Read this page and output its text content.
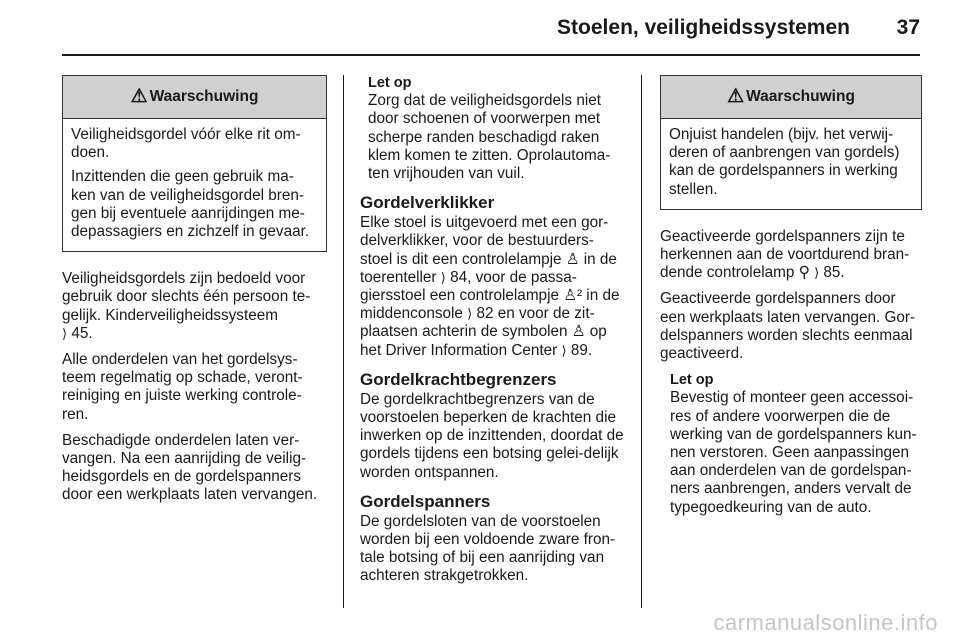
Stoelen, veiligheidssystemen 37
⚠ Waarschuwing

Veiligheidsgordel vóór elke rit om-doen.

Inzittenden die geen gebruik ma-ken van de veiligheidsgordel bren-gen bij eventuele aanrijdingen me-depassagiers en zichzelf in gevaar.

Veiligheidsgordels zijn bedoeld voor gebruik door slechts één persoon te-gelijk. Kinderveiligheidssysteem
⟩ 45.

Alle onderdelen van het gordelsys-teem regelmatig op schade, veront-reiniging en juiste werking controle-ren.

Beschadigde onderdelen laten ver-vangen. Na een aanrijding de veilig-heidsgordels en de gordelspanners door een werkplaats laten vervangen.

Let op
Zorg dat de veiligheidsgordels niet door schoenen of voorwerpen met scherpe randen beschadigd raken klem komen te zitten. Oprolautoma-ten vrijhouden van vuil.
Gordelverklikker

Elke stoel is uitgevoerd met een gor-delverklikker, voor de bestuurders-stoel is dit een controlelampje ♙ in de toerenteller ⟩ 84, voor de passa-giersstoel een controlelampje ♙² in de middenconsole ⟩ 82 en voor de zit-plaatsen achterin de symbolen ♙ op het Driver Information Center ⟩ 89.

Gordelkrachtbegrenzers

De gordelkrachtbegrenzers van de voorstoelen beperken de krachten die inwerken op de inzittenden, doordat de gordels tijdens een botsing gelei-delijk worden ontspannen.

Gordelspanners

De gordelsloten van de voorstoelen worden bij een voldoende zware fron-tale botsing of bij een aanrijding van achteren strakgetrokken.

⚠ Waarschuwing

Onjuist handelen (bijv. het verwij-deren of aanbrengen van gordels) kan de gordelspanners in werking stellen.

Geactiveerde gordelspanners zijn te herkennen aan de voortdurend bran-dende controlelamp ⚲ ⟩ 85.

Geactiveerde gordelspanners door een werkplaats laten vervangen. Gor-delspanners worden slechts eenmaal geactiveerd.

Let op
Bevestig of monteer geen accessoi-res of andere voorwerpen die de werking van de gordelspanners kun-nen verstoren. Geen aanpassingen aan onderdelen van de gordelspan-ners aanbrengen, anders vervalt de typegoedkeuring van de auto.
carmanualsonline.info
